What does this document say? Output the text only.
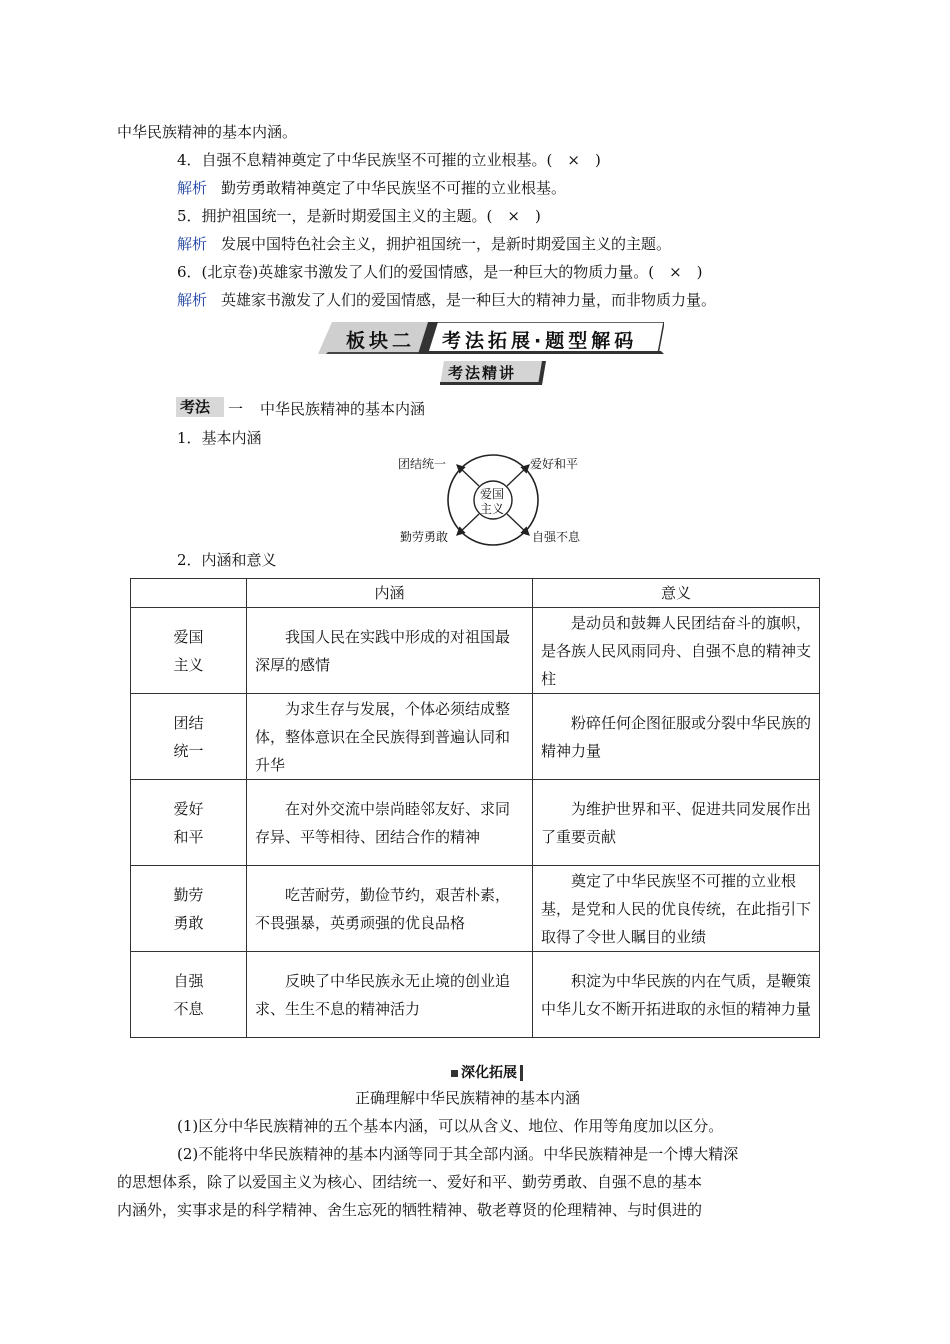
中华民族精神的基本内涵。
4．自强不息精神奠定了中华民族坚不可摧的立业根基。(　×　)
解析 勤劳勇敢精神奠定了中华民族坚不可摧的立业根基。
5．拥护祖国统一，是新时期爱国主义的主题。(　×　)
解析 发展中国特色社会主义，拥护祖国统一，是新时期爱国主义的主题。
6．(北京卷)英雄家书激发了人们的爱国情感，是一种巨大的物质力量。(　×　)
解析 英雄家书激发了人们的爱国情感，是一种巨大的精神力量，而非物质力量。
板块二 考法拓展·题型解码
考法精讲
考法	一 中华民族精神的基本内涵
1．基本内涵
爱国
主义
团结统一	爱好和平
勤劳勇敢	自强不息
2．内涵和意义
	内涵	意义

爱国
主义	我国人民在实践中形成的对祖国最深厚的感情	是动员和鼓舞人民团结奋斗的旗帜，是各族人民风雨同舟、自强不息的精神支柱

团结
统一	为求生存与发展，个体必须结成整体，整体意识在全民族得到普遍认同和升华	粉碎任何企图征服或分裂中华民族的精神力量

爱好
和平	在对外交流中崇尚睦邻友好、求同存异、平等相待、团结合作的精神	为维护世界和平、促进共同发展作出了重要贡献

勤劳
勇敢	吃苦耐劳，勤俭节约，艰苦朴素，不畏强暴，英勇顽强的优良品格	奠定了中华民族坚不可摧的立业根基，是党和人民的优良传统，在此指引下取得了令世人瞩目的业绩

自强
不息	反映了中华民族永无止境的创业追求、生生不息的精神活力	积淀为中华民族的内在气质，是鞭策中华儿女不断开拓进取的永恒的精神力量
深化拓展
正确理解中华民族精神的基本内涵
(1)区分中华民族精神的五个基本内涵，可以从含义、地位、作用等角度加以区分。
(2)不能将中华民族精神的基本内涵等同于其全部内涵。中华民族精神是一个博大精深
的思想体系，除了以爱国主义为核心、团结统一、爱好和平、勤劳勇敢、自强不息的基本
内涵外，实事求是的科学精神、舍生忘死的牺牲精神、敬老尊贤的伦理精神、与时俱进的
